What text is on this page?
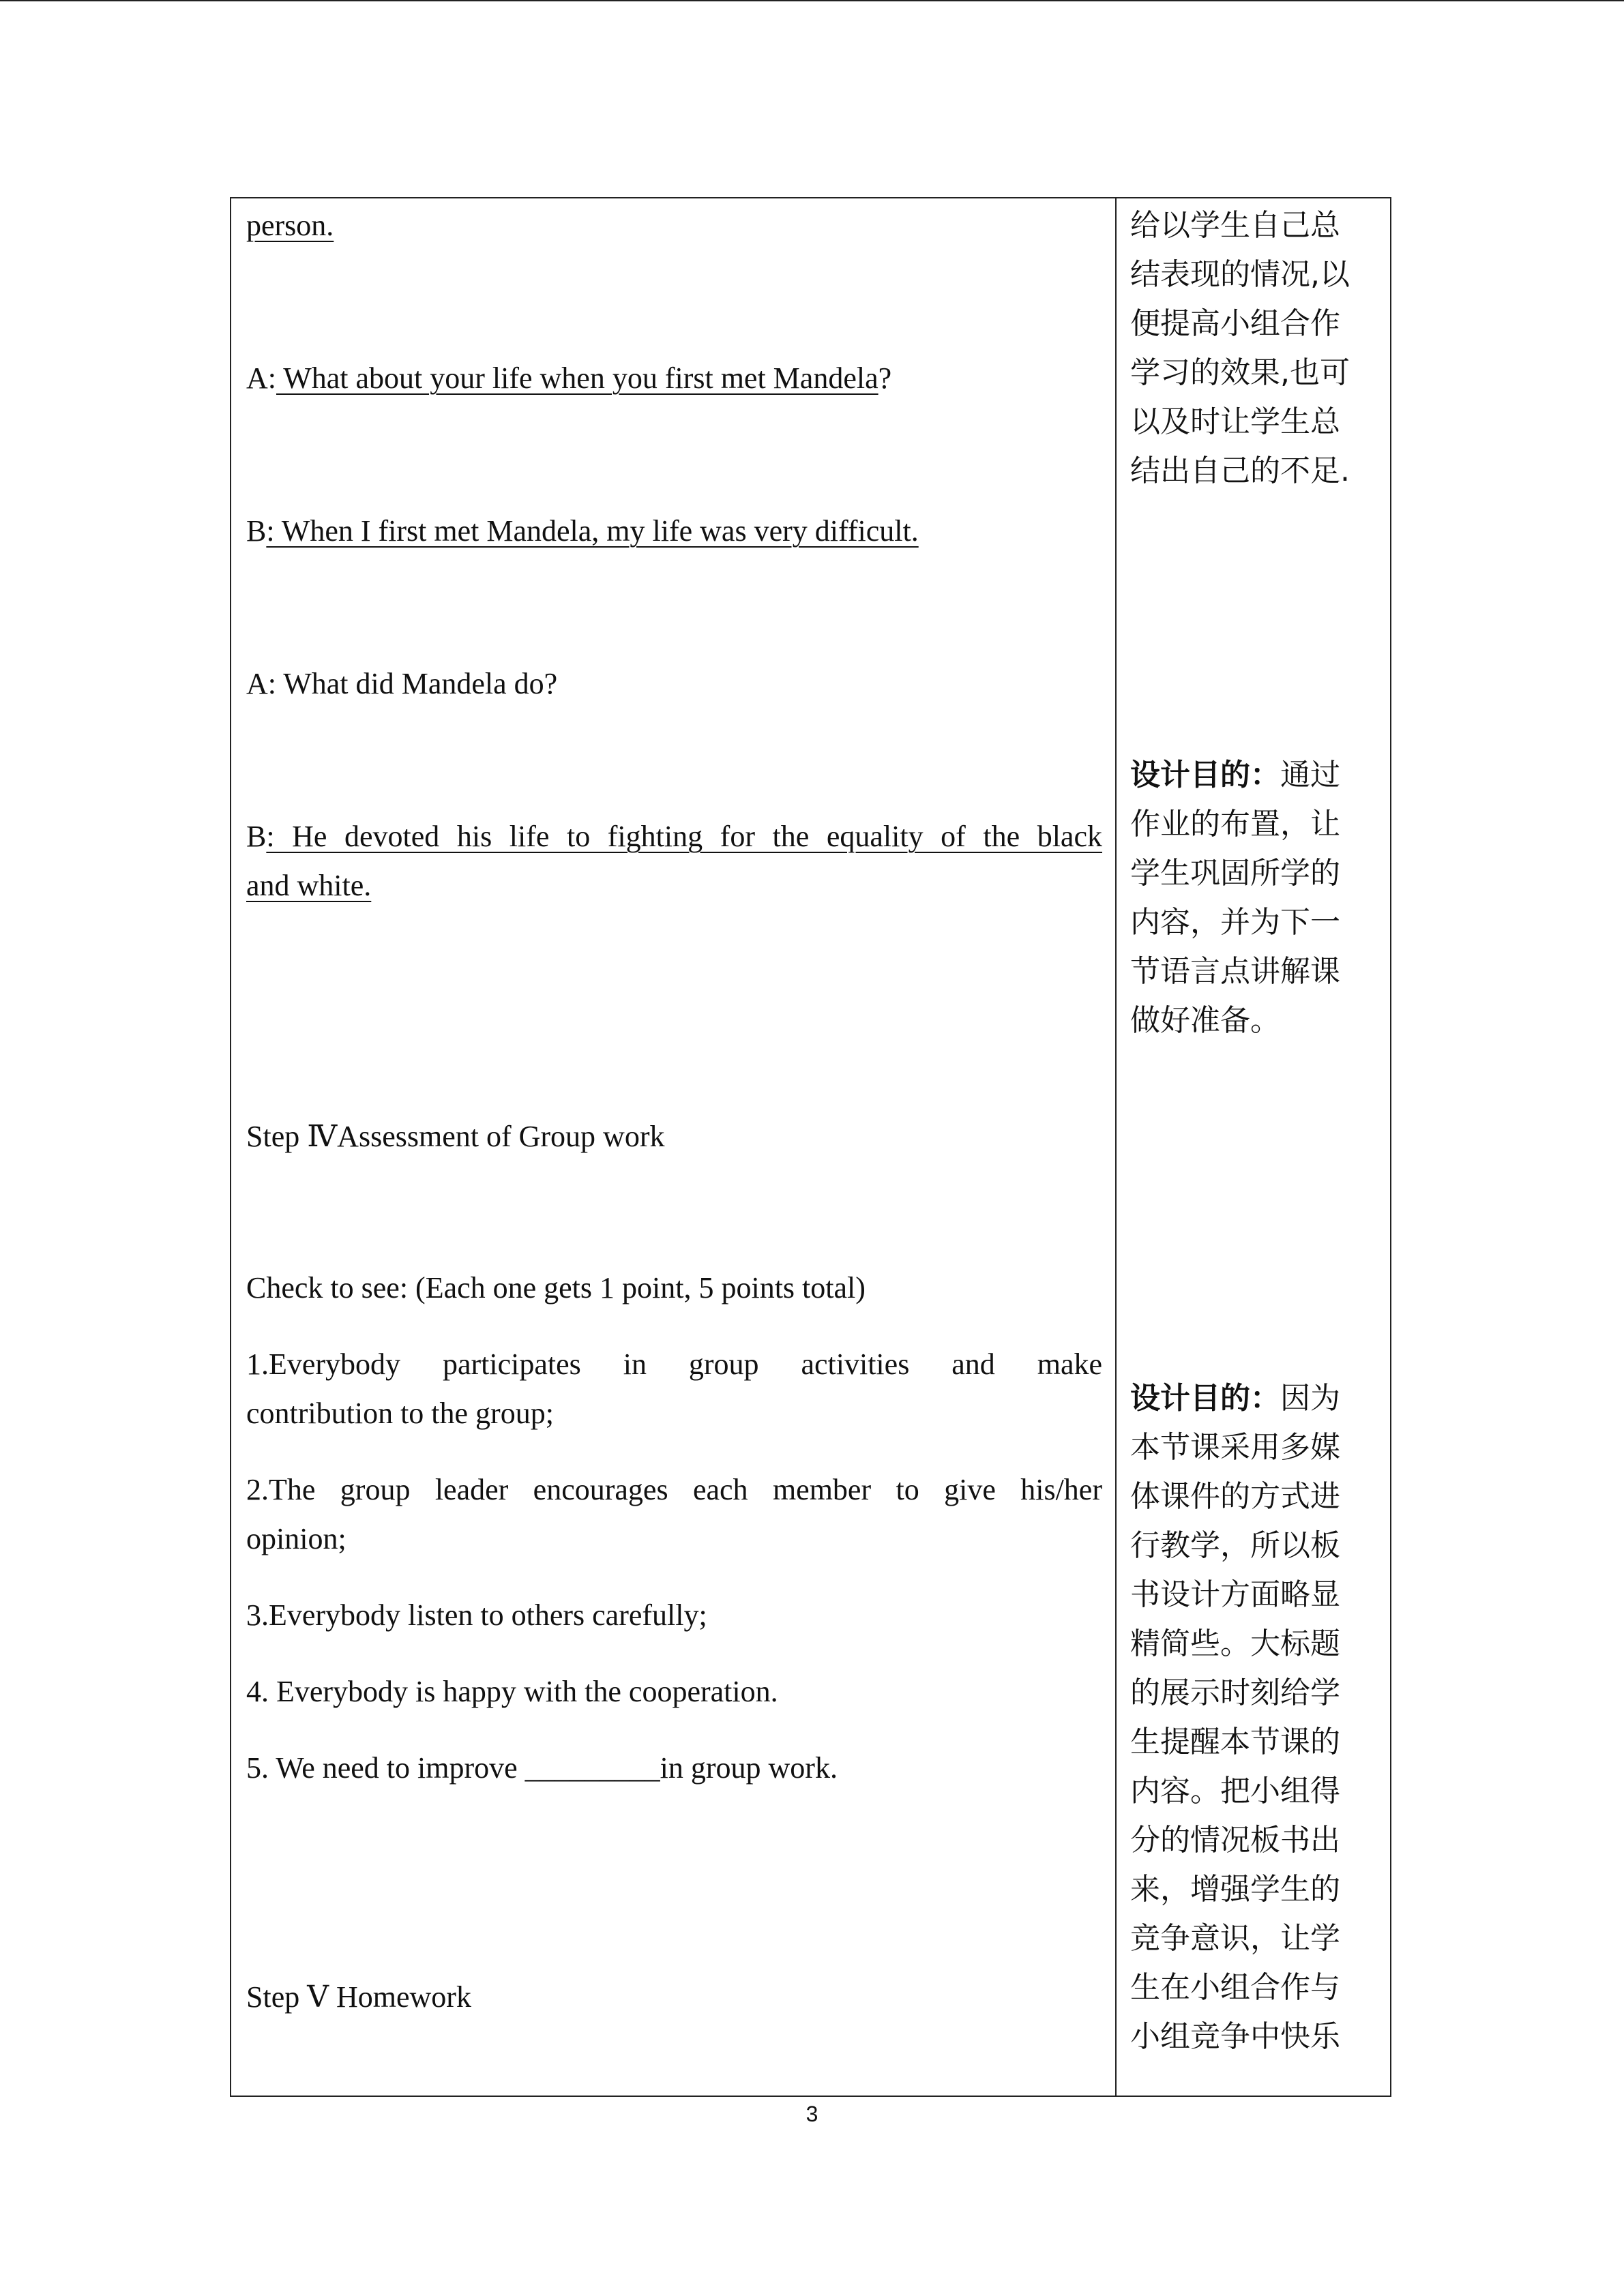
person.
A: What about your life when you first met Mandela?
B: When I first met Mandela, my life was very difficult.
A: What did Mandela do?
B: He devoted his life to fighting for the equality of the black
and white.
Step ⅣAssessment of Group work
Check to see: (Each one gets 1 point, 5 points total)
1.Everybody participates in group activities and make
contribution to the group;
2.The group leader encourages each member to give his/her
opinion;
3.Everybody listen to others carefully;
4. Everybody is happy with the cooperation.
5. We need to improve _________in group work.
Step Ⅴ Homework
给以学生自己总
结表现的情况,以
便提高小组合作
学习的效果,也可
以及时让学生总
结出自己的不足.
设计目的：通过
作业的布置，让
学生巩固所学的
内容，并为下一
节语言点讲解课
做好准备。
设计目的：因为
本节课采用多媒
体课件的方式进
行教学，所以板
书设计方面略显
精简些。大标题
的展示时刻给学
生提醒本节课的
内容。把小组得
分的情况板书出
来，增强学生的
竞争意识，让学
生在小组合作与
小组竞争中快乐
3
